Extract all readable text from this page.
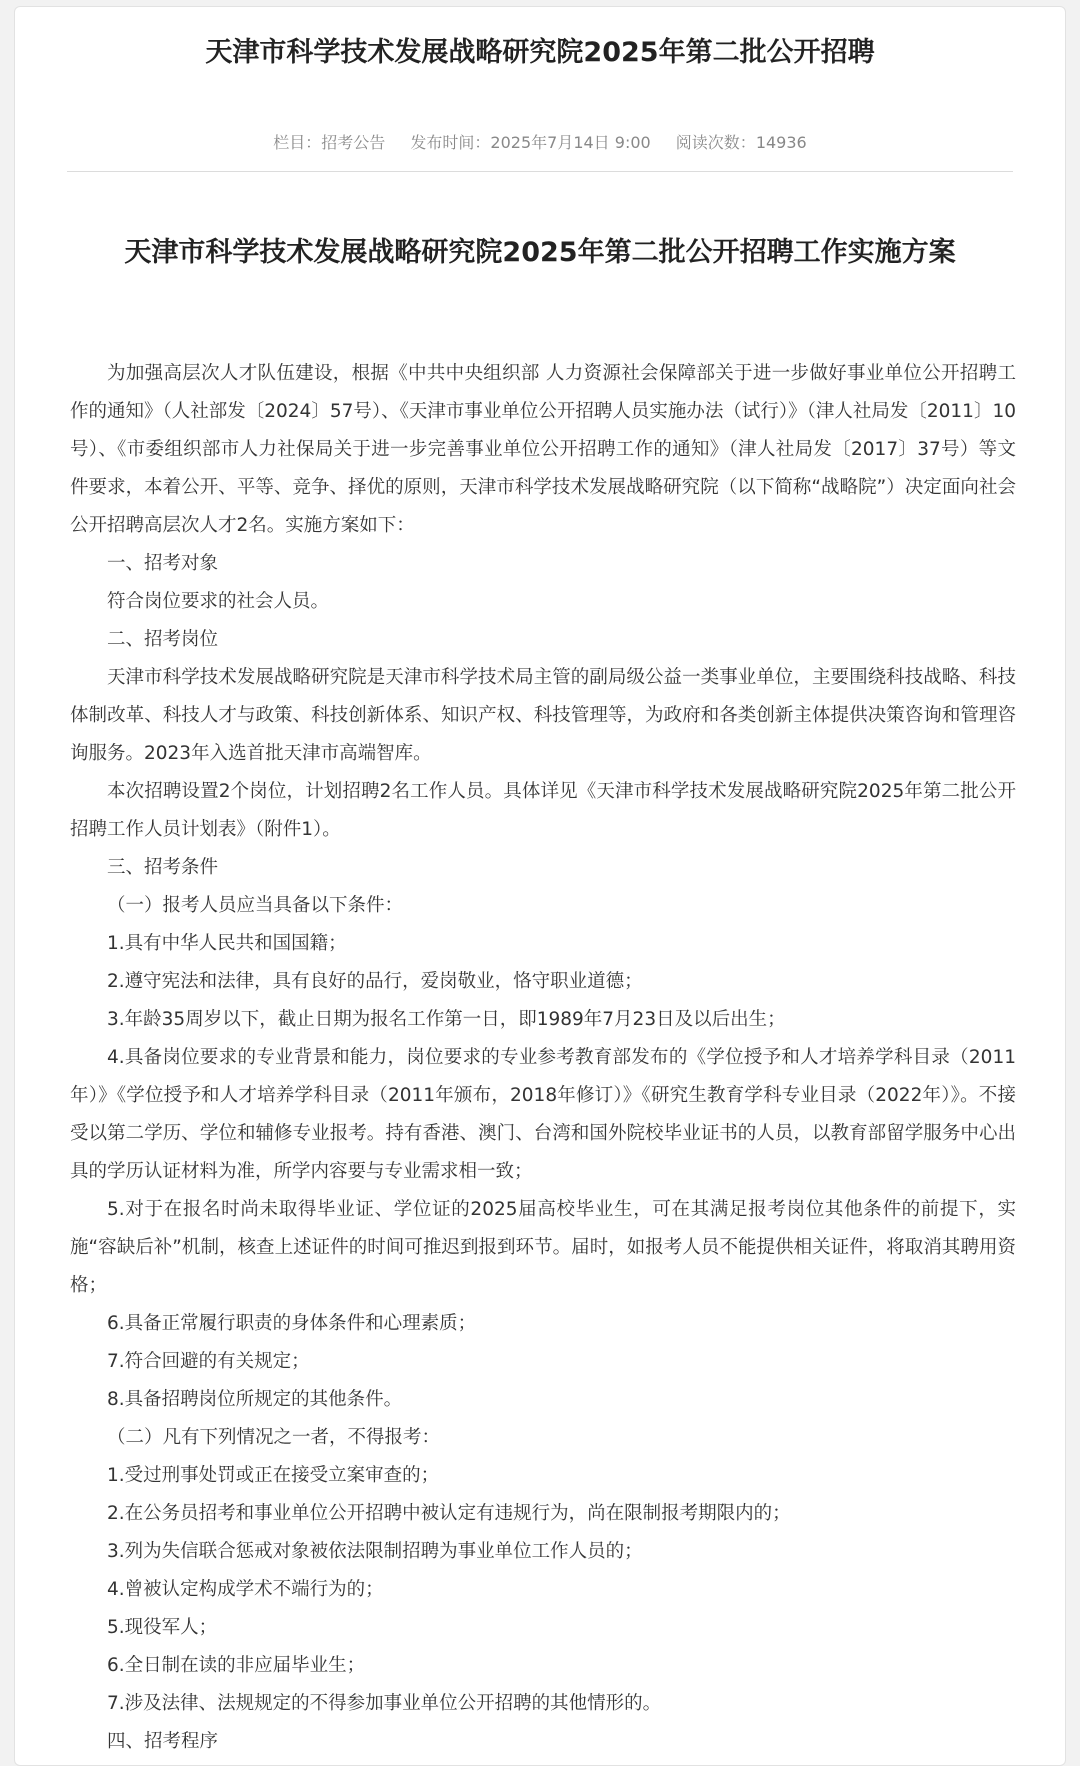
天津市科学技术发展战略研究院2025年第二批公开招聘
栏目：招考公告 发布时间：2025年7月14日 9:00 阅读次数：14936
天津市科学技术发展战略研究院2025年第二批公开招聘工作实施方案

为加强高层次人才队伍建设，根据《中共中央组织部 人力资源社会保障部关于进一步做好事业单位公开招聘工作的通知》（人社部发〔2024〕57号）、《天津市事业单位公开招聘人员实施办法（试行）》（津人社局发〔2011〕10号）、《市委组织部市人力社保局关于进一步完善事业单位公开招聘工作的通知》（津人社局发〔2017〕37号）等文件要求，本着公开、平等、竞争、择优的原则，天津市科学技术发展战略研究院（以下简称“战略院”）决定面向社会公开招聘高层次人才2名。实施方案如下：

一、招考对象

符合岗位要求的社会人员。

二、招考岗位

天津市科学技术发展战略研究院是天津市科学技术局主管的副局级公益一类事业单位，主要围绕科技战略、科技体制改革、科技人才与政策、科技创新体系、知识产权、科技管理等，为政府和各类创新主体提供决策咨询和管理咨询服务。2023年入选首批天津市高端智库。

本次招聘设置2个岗位，计划招聘2名工作人员。具体详见《天津市科学技术发展战略研究院2025年第二批公开招聘工作人员计划表》（附件1）。

三、招考条件

（一）报考人员应当具备以下条件：

1.具有中华人民共和国国籍；

2.遵守宪法和法律，具有良好的品行，爱岗敬业，恪守职业道德；

3.年龄35周岁以下，截止日期为报名工作第一日，即1989年7月23日及以后出生；

4.具备岗位要求的专业背景和能力，岗位要求的专业参考教育部发布的《学位授予和人才培养学科目录（2011年）》《学位授予和人才培养学科目录（2011年颁布，2018年修订）》《研究生教育学科专业目录（2022年）》。不接受以第二学历、学位和辅修专业报考。持有香港、澳门、台湾和国外院校毕业证书的人员，以教育部留学服务中心出具的学历认证材料为准，所学内容要与专业需求相一致；

5.对于在报名时尚未取得毕业证、学位证的2025届高校毕业生，可在其满足报考岗位其他条件的前提下，实施“容缺后补”机制，核查上述证件的时间可推迟到报到环节。届时，如报考人员不能提供相关证件，将取消其聘用资格；

6.具备正常履行职责的身体条件和心理素质；

7.符合回避的有关规定；

8.具备招聘岗位所规定的其他条件。

（二）凡有下列情况之一者，不得报考：

1.受过刑事处罚或正在接受立案审查的；

2.在公务员招考和事业单位公开招聘中被认定有违规行为，尚在限制报考期限内的；

3.列为失信联合惩戒对象被依法限制招聘为事业单位工作人员的；

4.曾被认定构成学术不端行为的；

5.现役军人；

6.全日制在读的非应届毕业生；

7.涉及法律、法规规定的不得参加事业单位公开招聘的其他情形的。

四、招考程序
